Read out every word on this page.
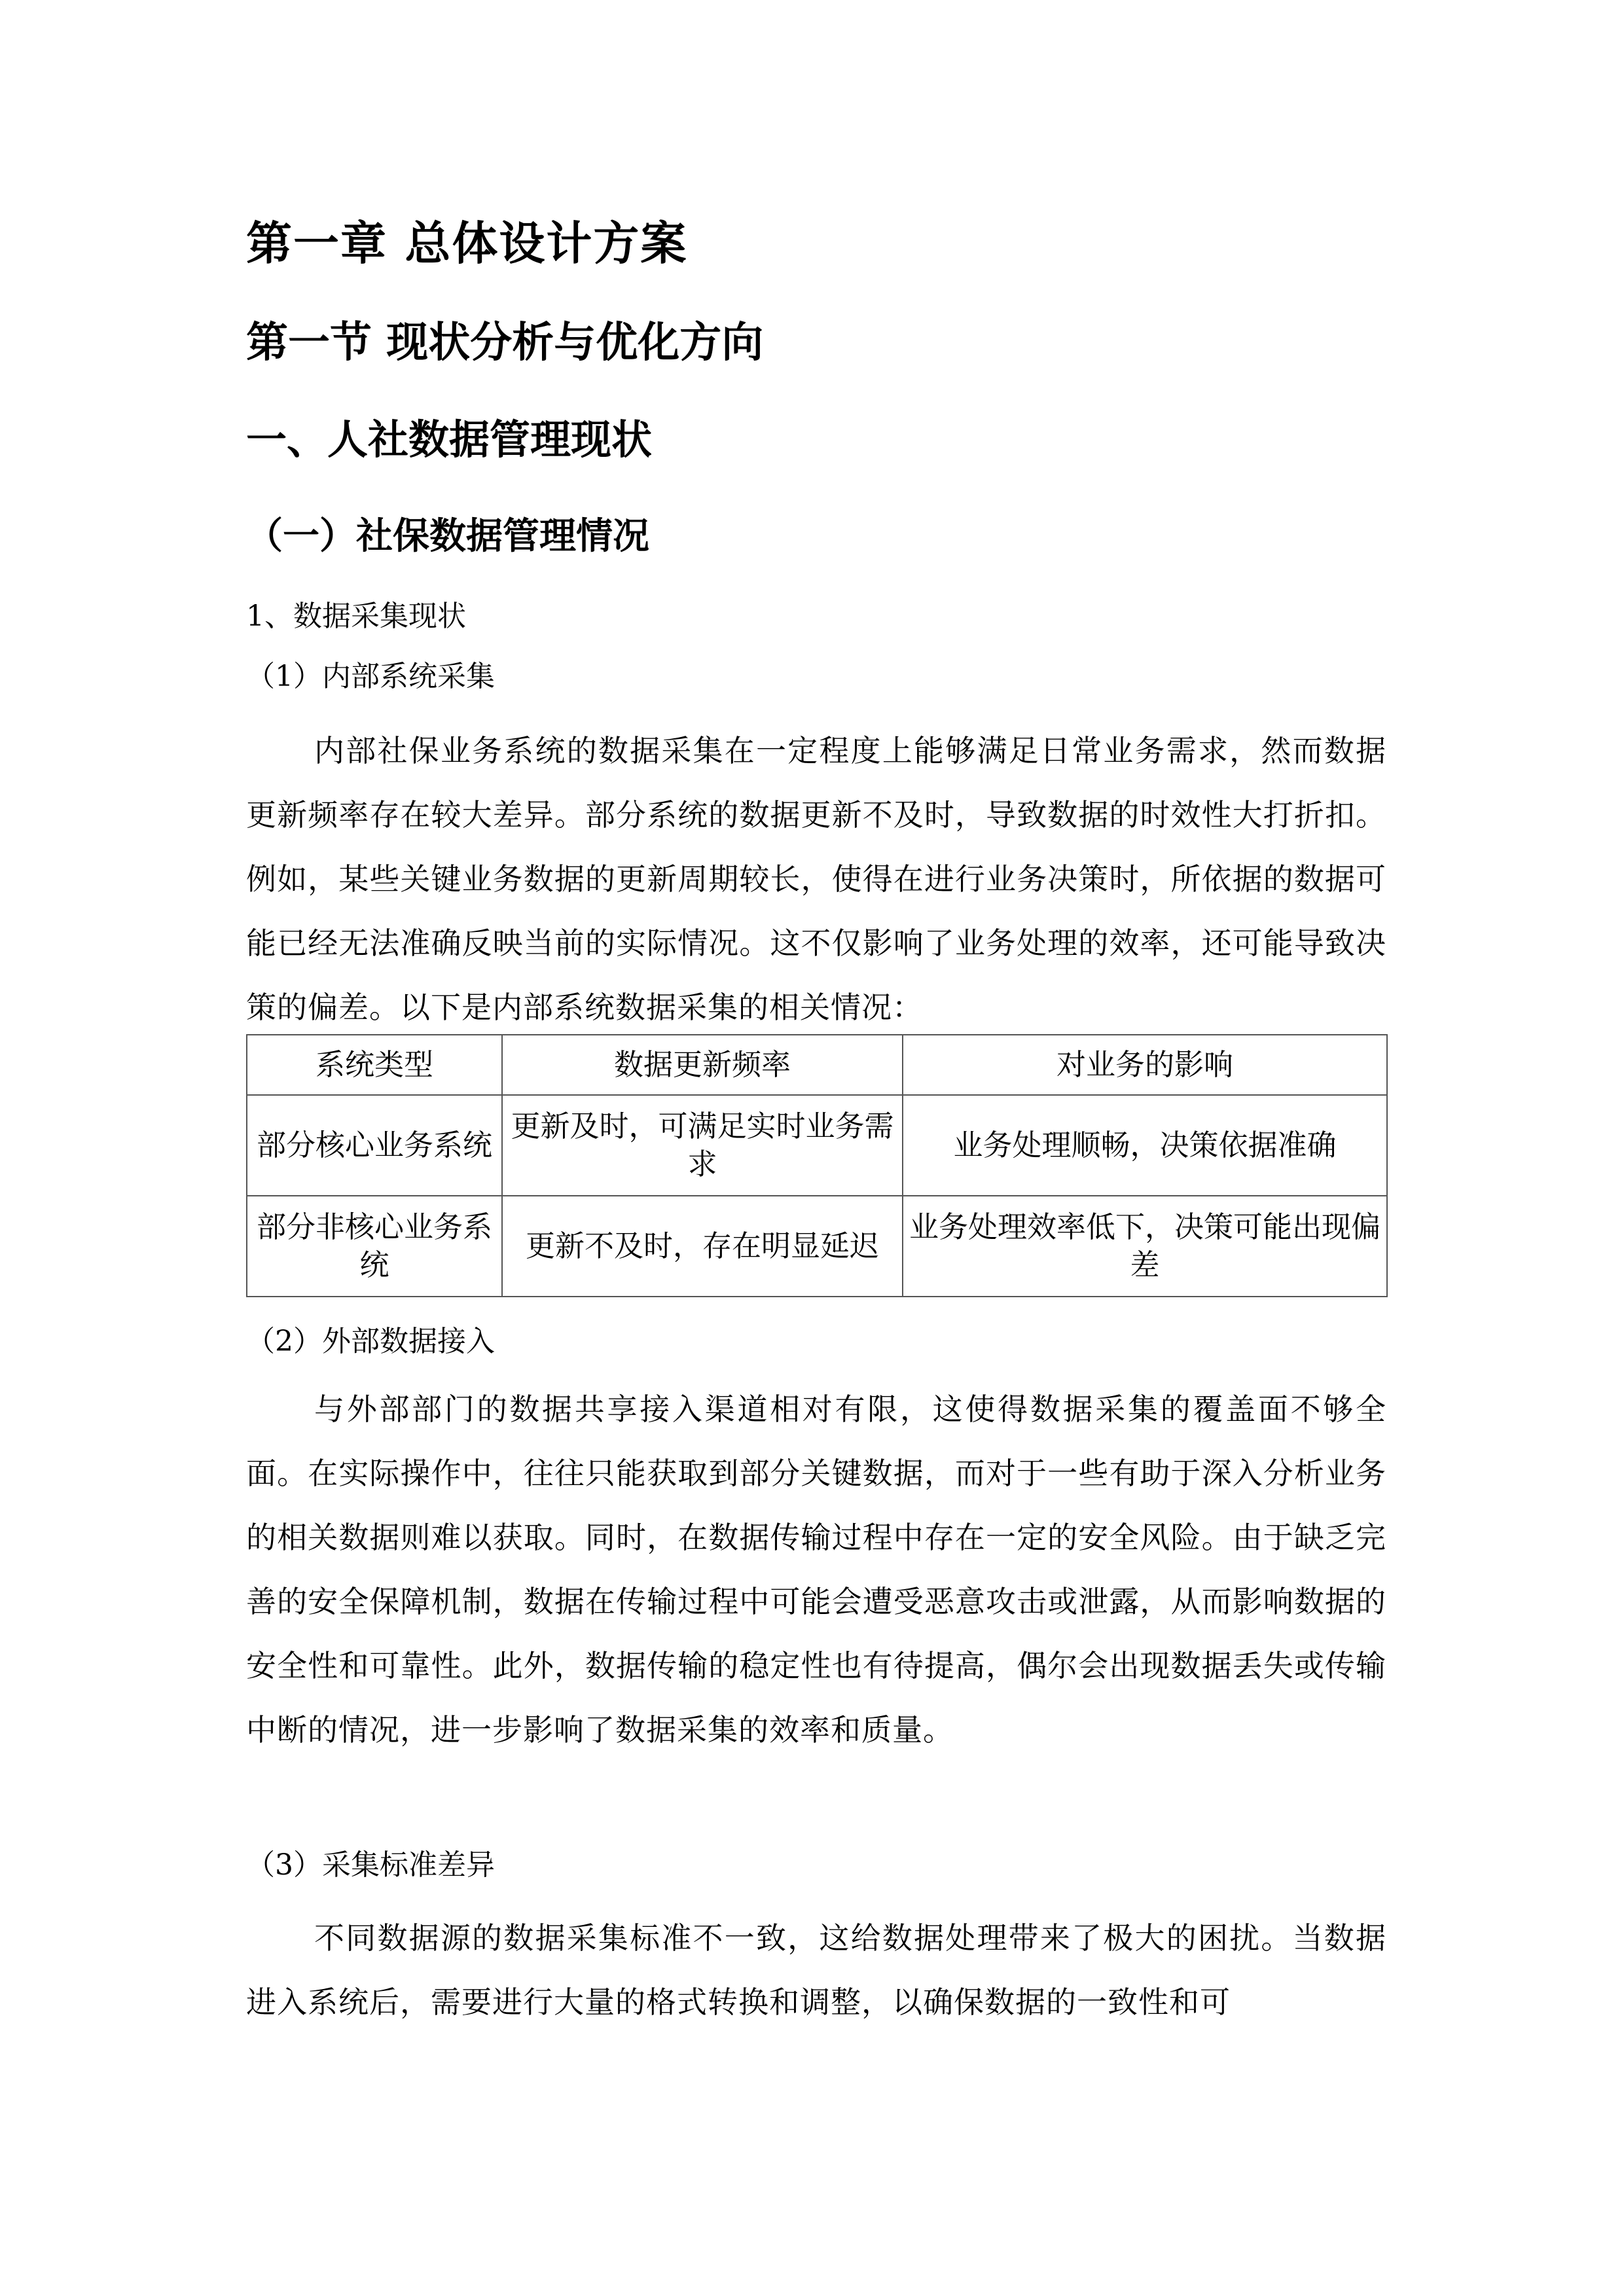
第一章 总体设计方案
第一节 现状分析与优化方向
一、人社数据管理现状
（一）社保数据管理情况

1、数据采集现状

（1）内部系统采集

内部社保业务系统的数据采集在一定程度上能够满足日常业务需求，然而数据更新频率存在较大差异。部分系统的数据更新不及时，导致数据的时效性大打折扣。例如，某些关键业务数据的更新周期较长，使得在进行业务决策时，所依据的数据可能已经无法准确反映当前的实际情况。这不仅影响了业务处理的效率，还可能导致决策的偏差。以下是内部系统数据采集的相关情况：

系统类型	数据更新频率	对业务的影响
部分核心业务系统	更新及时，可满足实时业务需求	业务处理顺畅，决策依据准确
部分非核心业务系统	更新不及时，存在明显延迟	业务处理效率低下，决策可能出现偏差

（2）外部数据接入

与外部部门的数据共享接入渠道相对有限，这使得数据采集的覆盖面不够全面。在实际操作中，往往只能获取到部分关键数据，而对于一些有助于深入分析业务的相关数据则难以获取。同时，在数据传输过程中存在一定的安全风险。由于缺乏完善的安全保障机制，数据在传输过程中可能会遭受恶意攻击或泄露，从而影响数据的安全性和可靠性。此外，数据传输的稳定性也有待提高，偶尔会出现数据丢失或传输中断的情况，进一步影响了数据采集的效率和质量。

（3）采集标准差异

不同数据源的数据采集标准不一致，这给数据处理带来了极大的困扰。当数据进入系统后，需要进行大量的格式转换和调整，以确保数据的一致性和可
